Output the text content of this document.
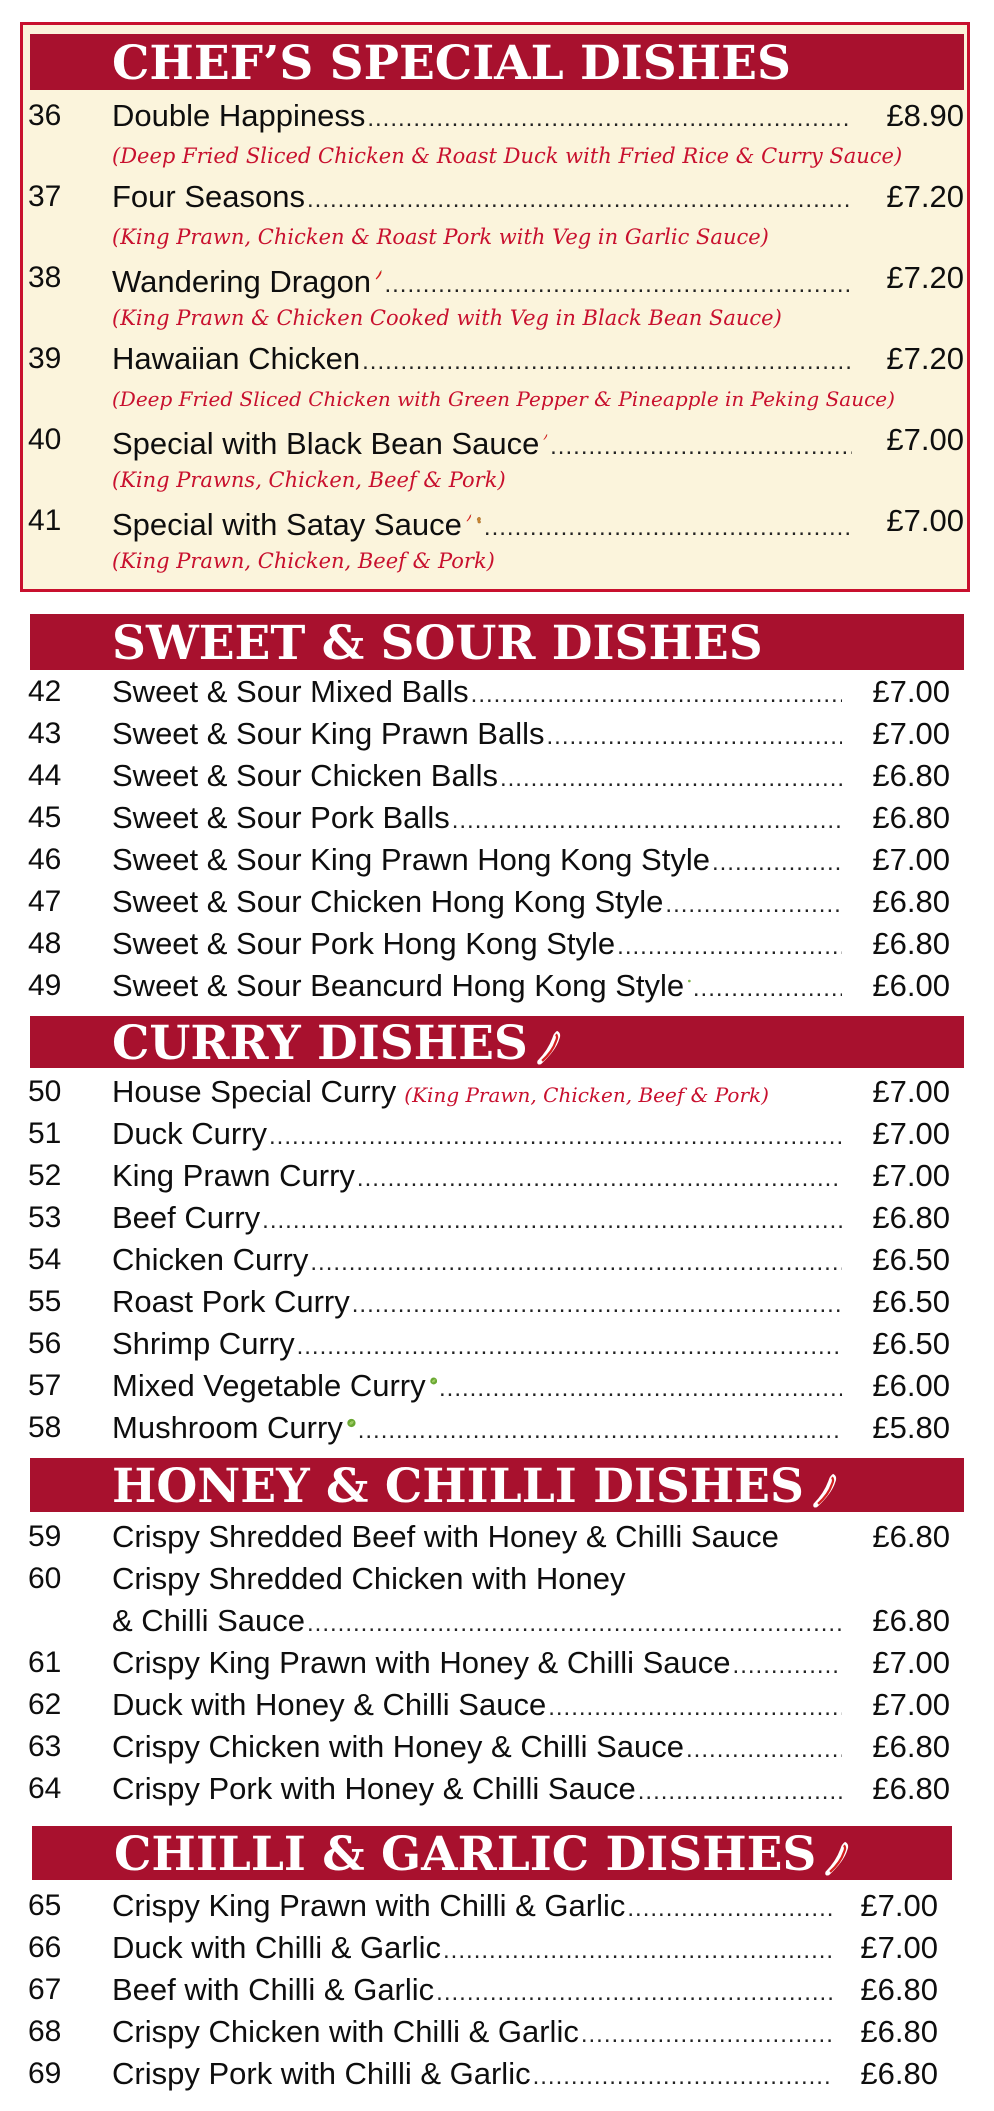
CHEF’S SPECIAL DISHES
36	Double Happiness .....	£8.90
(Deep Fried Sliced Chicken & Roast Duck with Fried Rice & Curry Sauce)
37	Four Seasons .....	£7.20
(King Prawn, Chicken & Roast Pork with Veg in Garlic Sauce)
38	Wandering Dragon .....	£7.20
(King Prawn & Chicken Cooked with Veg in Black Bean Sauce)
39	Hawaiian Chicken .....	£7.20
(Deep Fried Sliced Chicken with Green Pepper & Pineapple in Peking Sauce)
40	Special with Black Bean Sauce .....	£7.00
(King Prawns, Chicken, Beef & Pork)
41	Special with Satay Sauce .....	£7.00
(King Prawn, Chicken, Beef & Pork)
SWEET & SOUR DISHES
42	Sweet & Sour Mixed Balls .....	£7.00
43	Sweet & Sour King Prawn Balls .....	£7.00
44	Sweet & Sour Chicken Balls .....	£6.80
45	Sweet & Sour Pork Balls .....	£6.80
46	Sweet & Sour King Prawn Hong Kong Style .....	£7.00
47	Sweet & Sour Chicken Hong Kong Style .....	£6.80
48	Sweet & Sour Pork Hong Kong Style .....	£6.80
49	Sweet & Sour Beancurd Hong Kong Style .....	£6.00
CURRY DISHES
50	House Special Curry (King Prawn, Chicken, Beef & Pork)	£7.00
51	Duck Curry .....	£7.00
52	King Prawn Curry .....	£7.00
53	Beef Curry .....	£6.80
54	Chicken Curry .....	£6.50
55	Roast Pork Curry .....	£6.50
56	Shrimp Curry .....	£6.50
57	Mixed Vegetable Curry .....	£6.00
58	Mushroom Curry .....	£5.80
HONEY & CHILLI DISHES
59	Crispy Shredded Beef with Honey & Chilli Sauce	£6.80
60	Crispy Shredded Chicken with Honey
& Chilli Sauce .....	£6.80
61	Crispy King Prawn with Honey & Chilli Sauce .....	£7.00
62	Duck with Honey & Chilli Sauce .....	£7.00
63	Crispy Chicken with Honey & Chilli Sauce .....	£6.80
64	Crispy Pork with Honey & Chilli Sauce .....	£6.80
CHILLI & GARLIC DISHES
65	Crispy King Prawn with Chilli & Garlic .....	£7.00
66	Duck with Chilli & Garlic .....	£7.00
67	Beef with Chilli & Garlic .....	£6.80
68	Crispy Chicken with Chilli & Garlic .....	£6.80
69	Crispy Pork with Chilli & Garlic .....	£6.80
